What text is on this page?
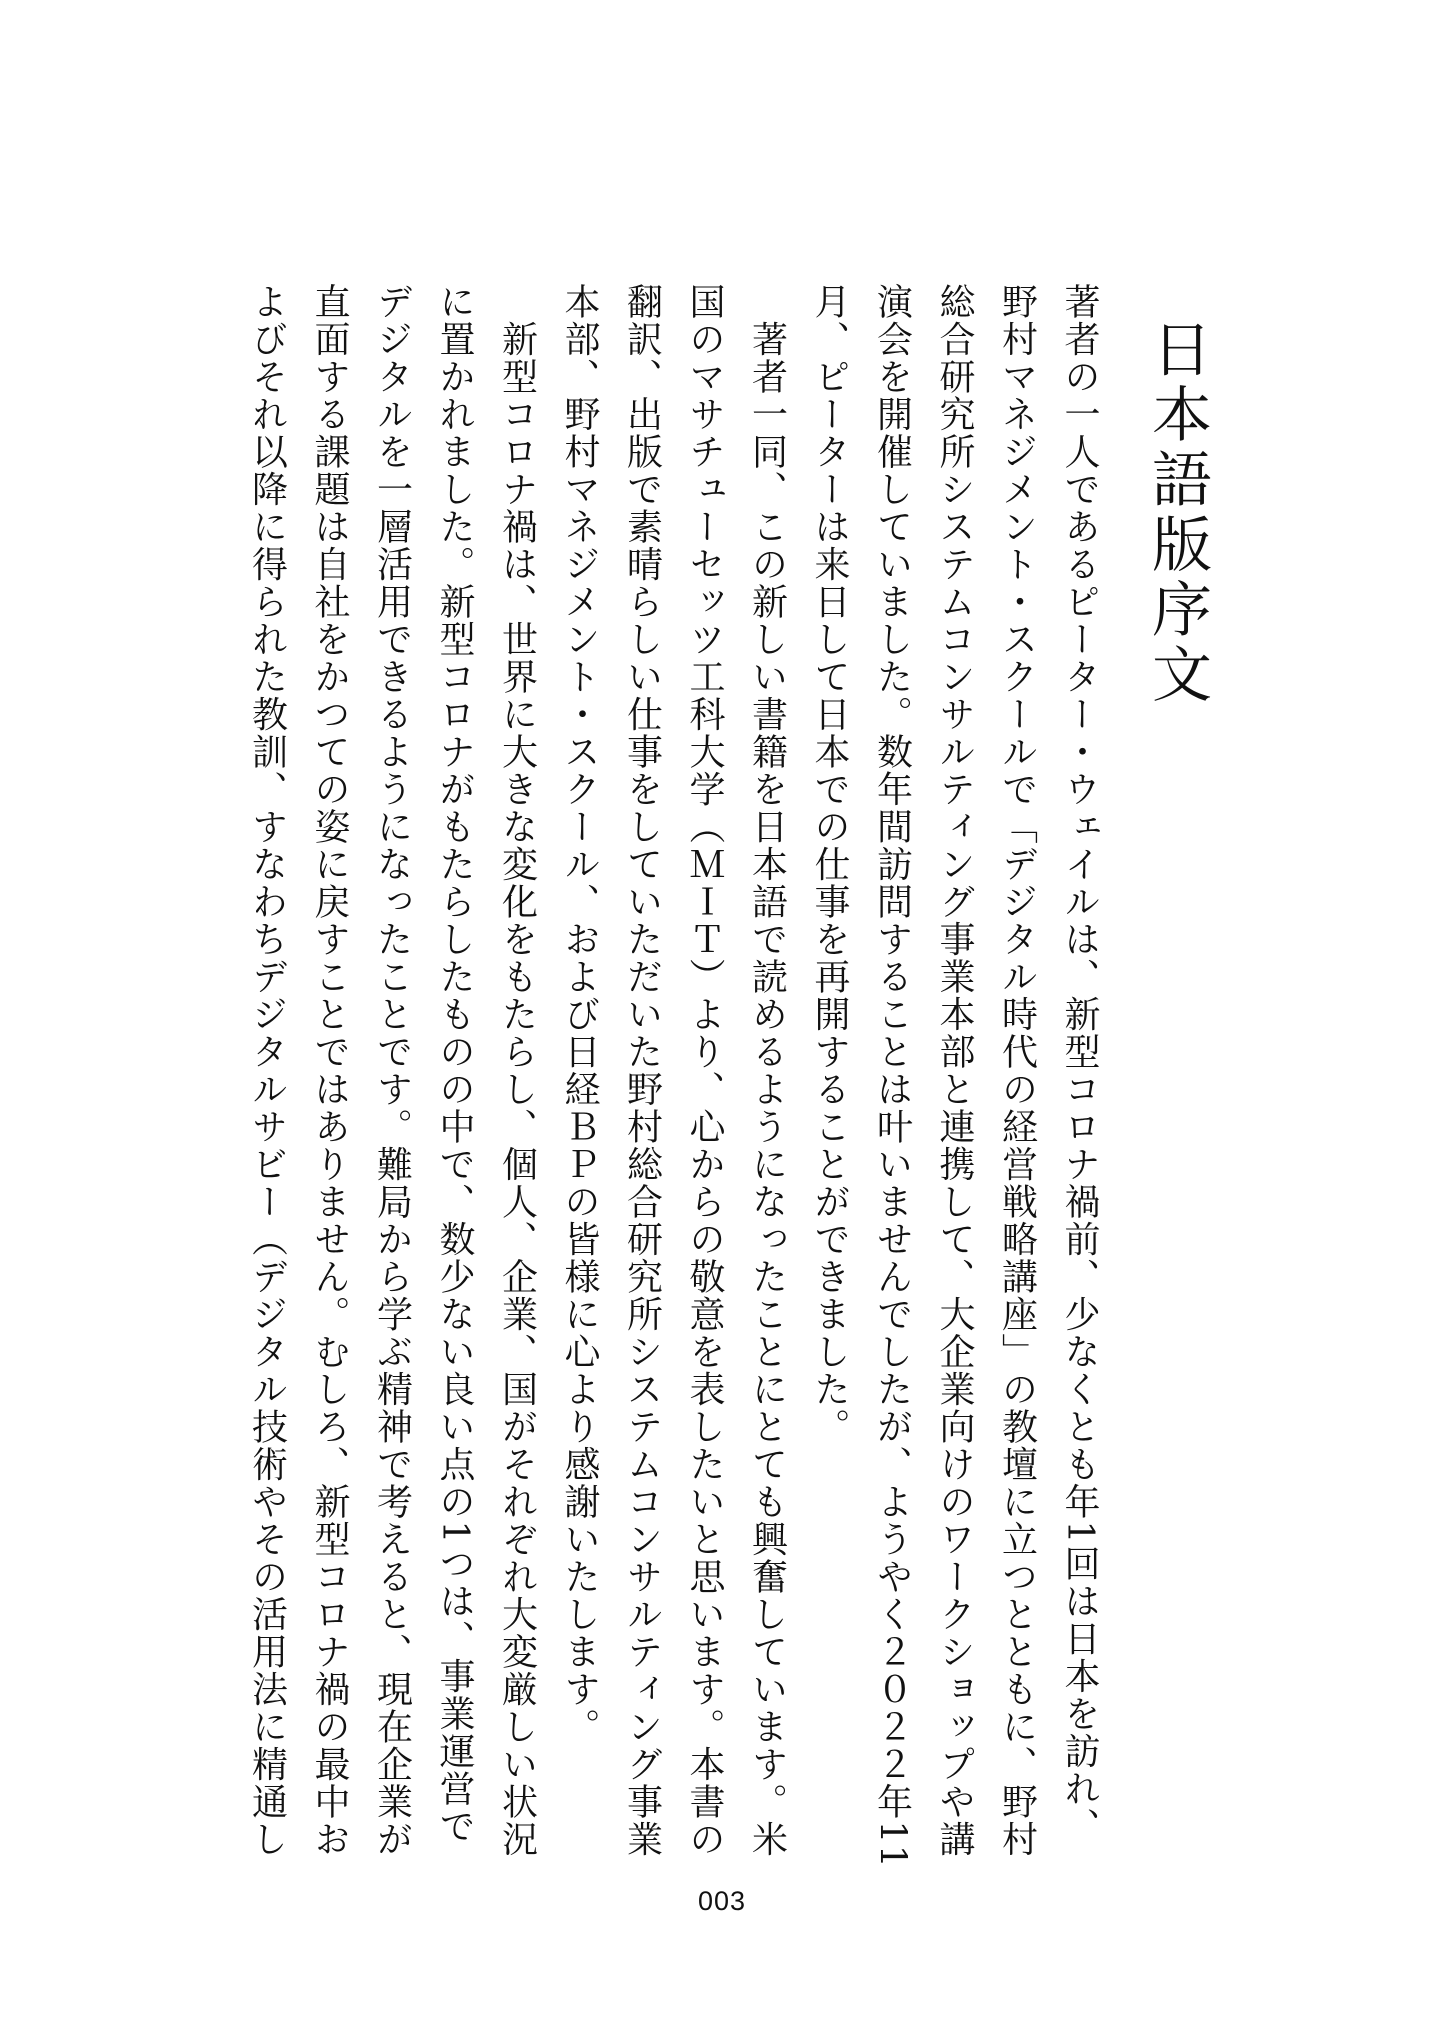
日本語版序文
著者の一人であるピーター・ウェイルは、新型コロナ禍前、少なくとも年1回は日本を訪れ、
野村マネジメント・スクールで「デジタル時代の経営戦略講座」の教壇に立つとともに、野村
総合研究所システムコンサルティング事業本部と連携して、大企業向けのワークショップや講
演会を開催していました。数年間訪問することは叶いませんでしたが、ようやく２０２２年11
月、ピーターは来日して日本での仕事を再開することができました。
　著者一同、この新しい書籍を日本語で読めるようになったことにとても興奮しています。米
国のマサチューセッツ工科大学（ＭＩＴ）より、心からの敬意を表したいと思います。本書の
翻訳、出版で素晴らしい仕事をしていただいた野村総合研究所システムコンサルティング事業
本部、野村マネジメント・スクール、および日経ＢＰの皆様に心より感謝いたします。
　新型コロナ禍は、世界に大きな変化をもたらし、個人、企業、国がそれぞれ大変厳しい状況
に置かれました。新型コロナがもたらしたものの中で、数少ない良い点の1つは、事業運営で
デジタルを一層活用できるようになったことです。難局から学ぶ精神で考えると、現在企業が
直面する課題は自社をかつての姿に戻すことではありません。むしろ、新型コロナ禍の最中お
よびそれ以降に得られた教訓、すなわちデジタルサビー（デジタル技術やその活用法に精通し
003
